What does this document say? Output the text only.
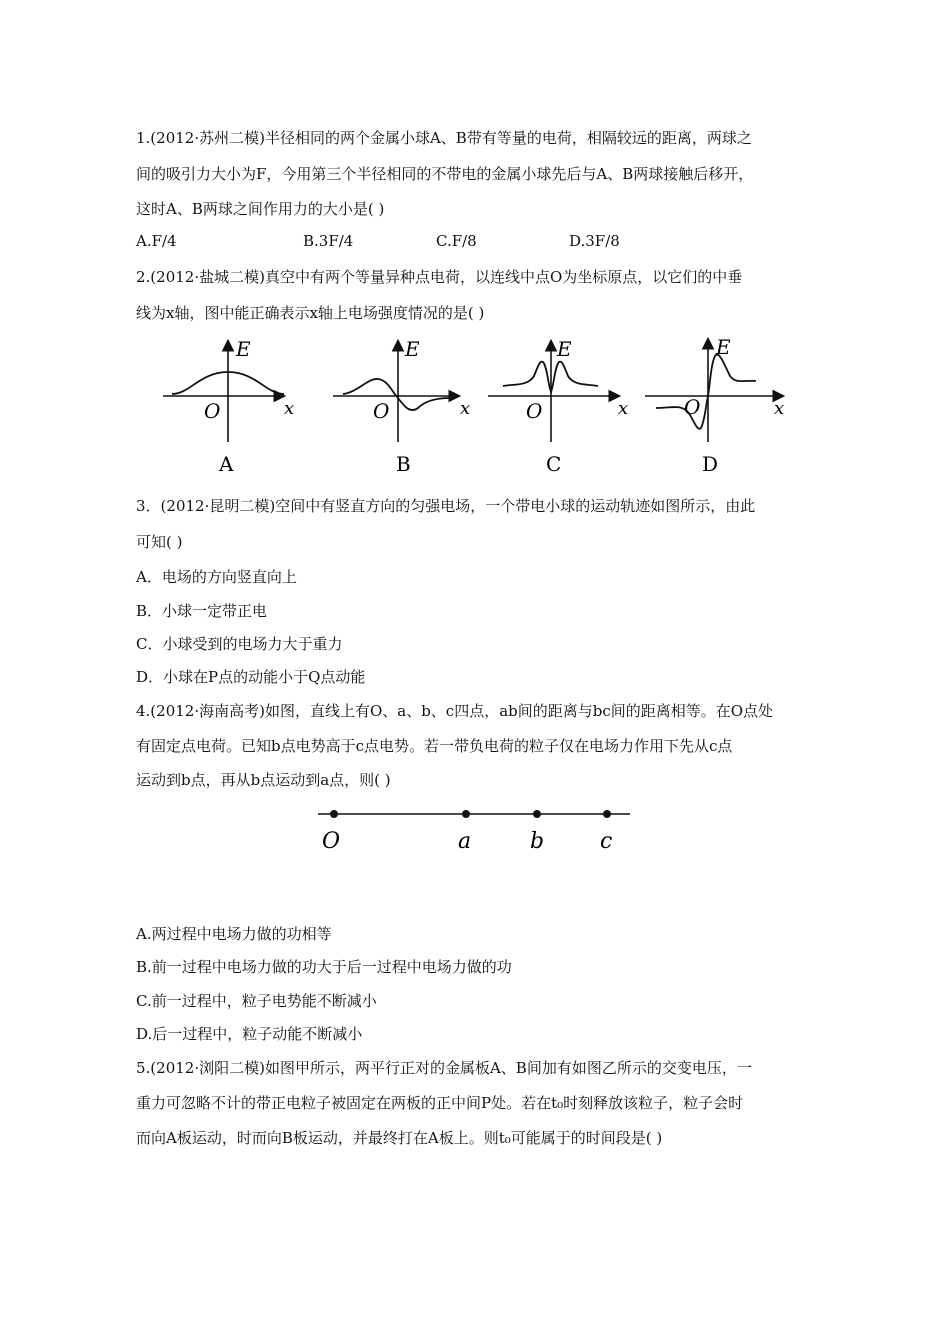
1.(2012·苏州二模)半径相同的两个金属小球A、B带有等量的电荷，相隔较远的距离，两球之
间的吸引力大小为F，今用第三个半径相同的不带电的金属小球先后与A、B两球接触后移开，
这时A、B两球之间作用力的大小是( )
A.F/4	B.3F/4	C.F/8	D.3F/8
2.(2012·盐城二模)真空中有两个等量异种点电荷，以连线中点O为坐标原点，以它们的中垂
线为x轴，图中能正确表示x轴上电场强度情况的是( )
E
x
O
A
E
x
O
B
E
x
O
C
E
x
O
D
3．(2012·昆明二模)空间中有竖直方向的匀强电场，一个带电小球的运动轨迹如图所示，由此
可知( )
A．电场的方向竖直向上
B．小球一定带正电
C．小球受到的电场力大于重力
D．小球在P点的动能小于Q点动能
4.(2012·海南高考)如图，直线上有O、a、b、c四点，ab间的距离与bc间的距离相等。在O点处
有固定点电荷。已知b点电势高于c点电势。若一带负电荷的粒子仅在电场力作用下先从c点
运动到b点，再从b点运动到a点，则( )
O	a	b	c
A.两过程中电场力做的功相等
B.前一过程中电场力做的功大于后一过程中电场力做的功
C.前一过程中，粒子电势能不断减小
D.后一过程中，粒子动能不断减小
5.(2012·浏阳二模)如图甲所示，两平行正对的金属板A、B间加有如图乙所示的交变电压，一
重力可忽略不计的带正电粒子被固定在两板的正中间P处。若在t₀时刻释放该粒子，粒子会时
而向A板运动，时而向B板运动，并最终打在A板上。则t₀可能属于的时间段是( )
